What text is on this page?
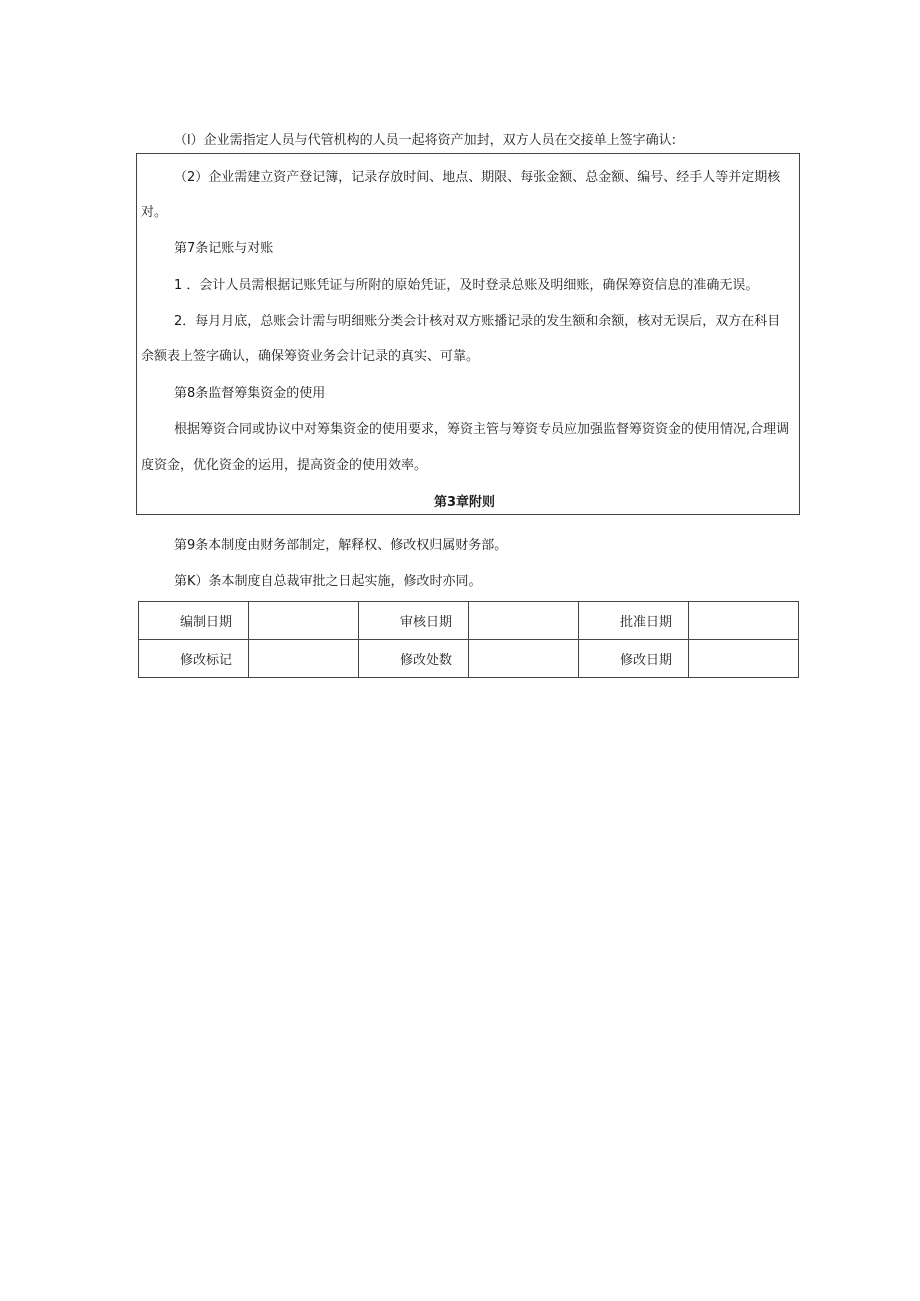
（l）企业需指定人员与代管机构的人员一起将资产加封，双方人员在交接单上签字确认:
（2）企业需建立资产登记簿，记录存放时间、地点、期限、每张金额、总金额、编号、经手人等并定期核
对。
第7条记账与对账
1 ．会计人员需根据记账凭证与所附的原始凭证，及时登录总账及明细账，确保筹资信息的准确无误。
2．每月月底，总账会计需与明细账分类会计核对双方账播记录的发生额和余额，核对无误后，双方在科目
余额表上签字确认，确保筹资业务会计记录的真实、可靠。
第8条监督筹集资金的使用
根据筹资合同或协议中对筹集资金的使用要求，筹资主管与筹资专员应加强监督筹资资金的使用情况,合理调
度资金，优化资金的运用，提高资金的使用效率。
第3章附则
第9条本制度由财务部制定，解释权、修改权归属财务部。
第K）条本制度自总裁审批之日起实施，修改时亦同。
编制日期		审核日期		批准日期	
修改标记		修改处数		修改日期	
